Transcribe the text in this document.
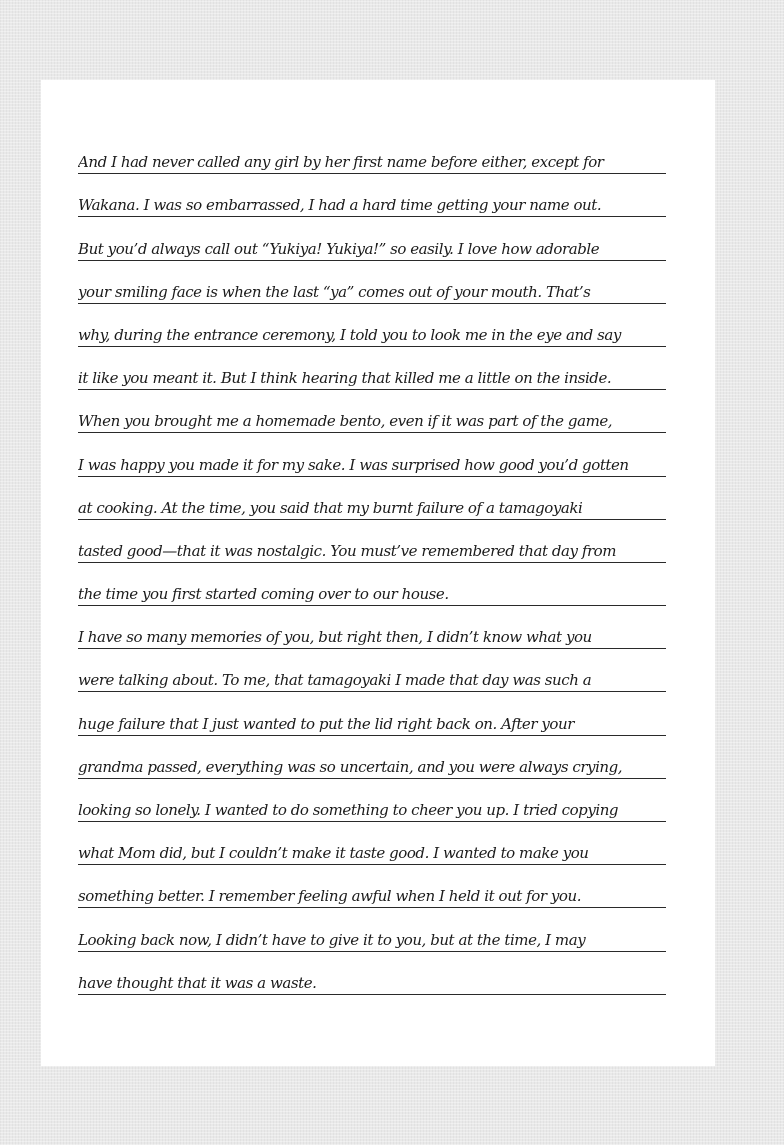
And I had never called any girl by her first name before either, except for
Wakana. I was so embarrassed, I had a hard time getting your name out.
But you’d always call out “Yukiya! Yukiya!” so easily. I love how adorable
your smiling face is when the last “ya” comes out of your mouth. That’s
why, during the entrance ceremony, I told you to look me in the eye and say
it like you meant it. But I think hearing that killed me a little on the inside.
When you brought me a homemade bento, even if it was part of the game,
I was happy you made it for my sake. I was surprised how good you’d gotten
at cooking. At the time, you said that my burnt failure of a tamagoyaki
tasted good—that it was nostalgic. You must’ve remembered that day from
the time you first started coming over to our house.
I have so many memories of you, but right then, I didn’t know what you
were talking about. To me, that tamagoyaki I made that day was such a
huge failure that I just wanted to put the lid right back on. After your
grandma passed, everything was so uncertain, and you were always crying,
looking so lonely. I wanted to do something to cheer you up. I tried copying
what Mom did, but I couldn’t make it taste good. I wanted to make you
something better. I remember feeling awful when I held it out for you.
Looking back now, I didn’t have to give it to you, but at the time, I may
have thought that it was a waste.
